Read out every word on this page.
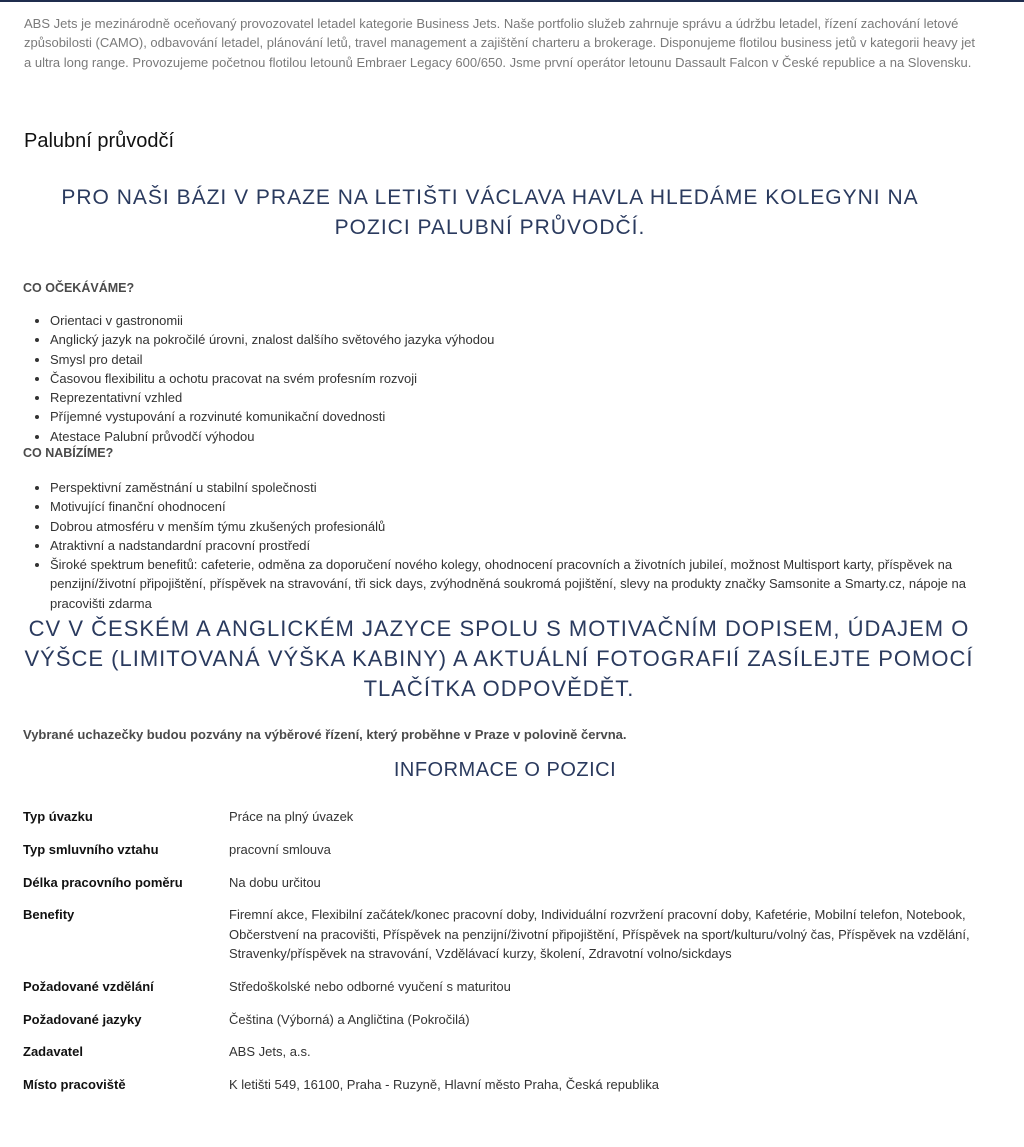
ABS Jets je mezinárodně oceňovaný provozovatel letadel kategorie Business Jets. Naše portfolio služeb zahrnuje správu a údržbu letadel, řízení zachování letové způsobilosti (CAMO), odbavování letadel, plánování letů, travel management a zajištění charteru a brokerage. Disponujeme flotilou business jetů v kategorii heavy jet a ultra long range. Provozujeme početnou flotilou letounů Embraer Legacy 600/650. Jsme první operátor letounu Dassault Falcon v České republice a na Slovensku.

Palubní průvodčí
PRO NAŠI BÁZI V PRAZE NA LETIŠTI VÁCLAVA HAVLA HLEDÁME KOLEGYNI NA POZICI PALUBNÍ PRŮVODČÍ.

CO OČEKÁVÁME?

• Orientaci v gastronomii
• Anglický jazyk na pokročilé úrovni, znalost dalšího světového jazyka výhodou
• Smysl pro detail
• Časovou flexibilitu a ochotu pracovat na svém profesním rozvoji
• Reprezentativní vzhled
• Příjemné vystupování a rozvinuté komunikační dovednosti
• Atestace Palubní průvodčí výhodou

CO NABÍZÍME?

• Perspektivní zaměstnání u stabilní společnosti
• Motivující finanční ohodnocení
• Dobrou atmosféru v menším týmu zkušených profesionálů
• Atraktivní a nadstandardní pracovní prostředí
• Široké spektrum benefitů: cafeterie, odměna za doporučení nového kolegy, ohodnocení pracovních a životních jubileí, možnost Multisport karty, příspěvek na penzijní/životní připojištění, příspěvek na stravování, tři sick days, zvýhodněná soukromá pojištění, slevy na produkty značky Samsonite a Smarty.cz, nápoje na pracovišti zdarma
CV V ČESKÉM A ANGLICKÉM JAZYCE SPOLU S MOTIVAČNÍM DOPISEM, ÚDAJEM O VÝŠCE (LIMITOVANÁ VÝŠKA KABINY) A AKTUÁLNÍ FOTOGRAFIÍ ZASÍLEJTE POMOCÍ TLAČÍTKA ODPOVĚDĚT.

Vybrané uchazečky budou pozvány na výběrové řízení, který proběhne v Praze v polovině června.

INFORMACE O POZICI
Typ úvazku	Práce na plný úvazek
Typ smluvního vztahu	pracovní smlouva
Délka pracovního poměru	Na dobu určitou
Benefity	Firemní akce, Flexibilní začátek/konec pracovní doby, Individuální rozvržení pracovní doby, Kafetérie, Mobilní telefon, Notebook, Občerstvení na pracovišti, Příspěvek na penzijní/životní připojištění, Příspěvek na sport/kulturu/volný čas, Příspěvek na vzdělání, Stravenky/příspěvek na stravování, Vzdělávací kurzy, školení, Zdravotní volno/sickdays
Požadované vzdělání	Středoškolské nebo odborné vyučení s maturitou
Požadované jazyky	Čeština (Výborná) a Angličtina (Pokročilá)
Zadavatel	ABS Jets, a.s.
Místo pracoviště	K letišti 549, 16100, Praha - Ruzyně, Hlavní město Praha, Česká republika
